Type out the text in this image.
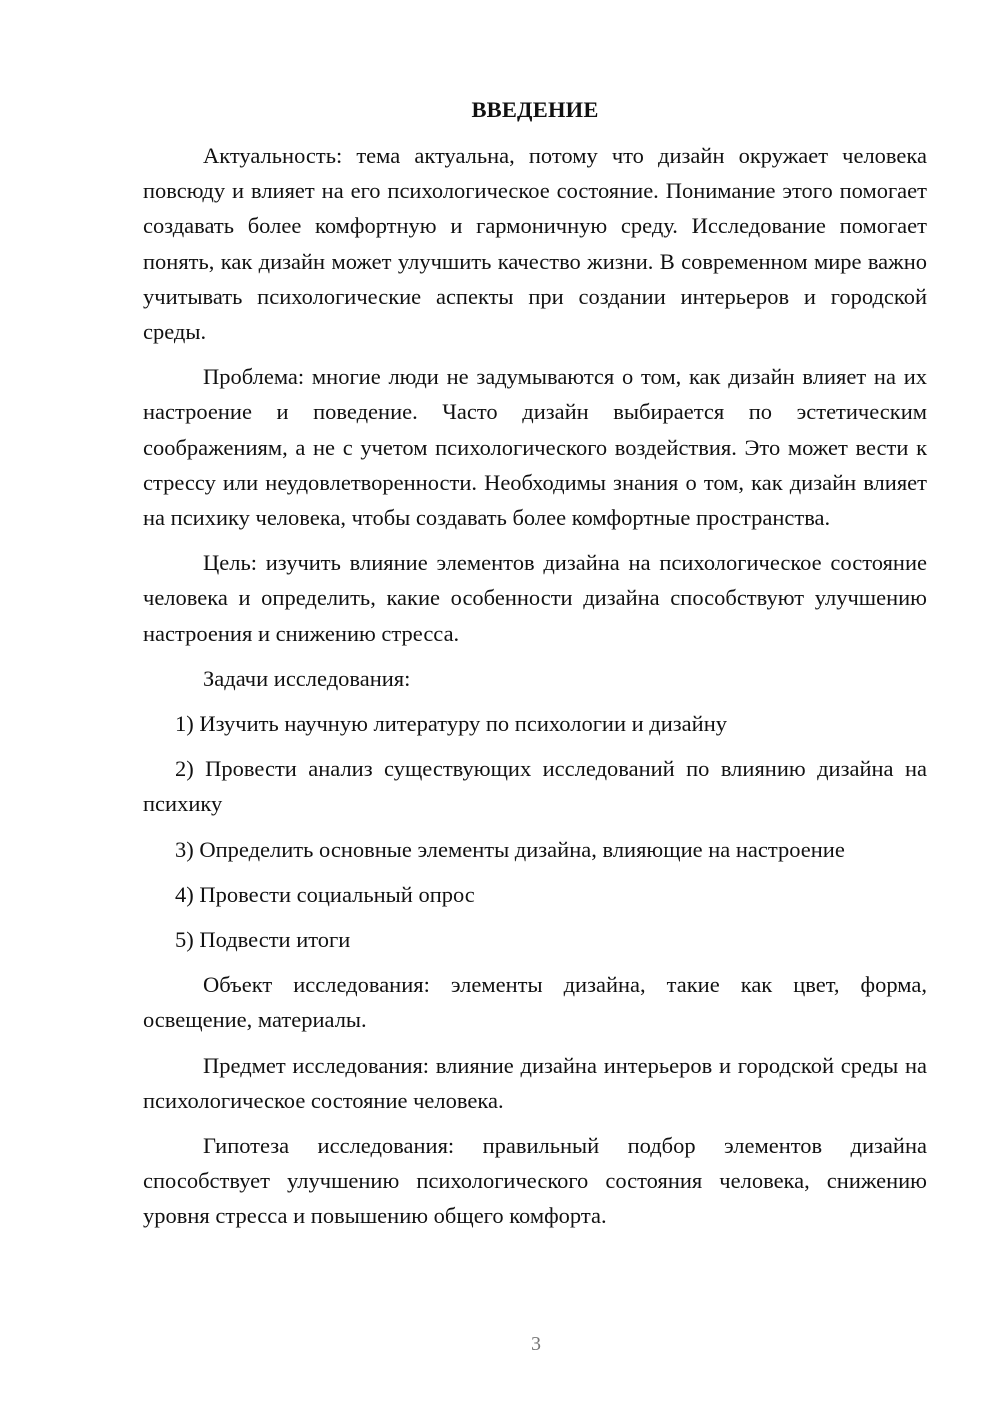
ВВЕДЕНИЕ

Актуальность: тема актуальна, потому что дизайн окружает человека повсюду и влияет на его психологическое состояние. Понимание этого помогает создавать более комфортную и гармоничную среду. Исследование помогает понять, как дизайн может улучшить качество жизни. В современном мире важно учитывать психологические аспекты при создании интерьеров и городской среды.

Проблема: многие люди не задумываются о том, как дизайн влияет на их настроение и поведение. Часто дизайн выбирается по эстетическим соображениям, а не с учетом психологического воздействия. Это может вести к стрессу или неудовлетворенности. Необходимы знания о том, как дизайн влияет на психику человека, чтобы создавать более комфортные пространства.

Цель: изучить влияние элементов дизайна на психологическое состояние человека и определить, какие особенности дизайна способствуют улучшению настроения и снижению стресса.

Задачи исследования:

1) Изучить научную литературу по психологии и дизайну

2) Провести анализ существующих исследований по влиянию дизайна на психику

3) Определить основные элементы дизайна, влияющие на настроение

4) Провести социальный опрос

5) Подвести итоги

Объект исследования: элементы дизайна, такие как цвет, форма, освещение, материалы.

Предмет исследования: влияние дизайна интерьеров и городской среды на психологическое состояние человека.

Гипотеза исследования: правильный подбор элементов дизайна способствует улучшению психологического состояния человека, снижению уровня стресса и повышению общего комфорта.

3
